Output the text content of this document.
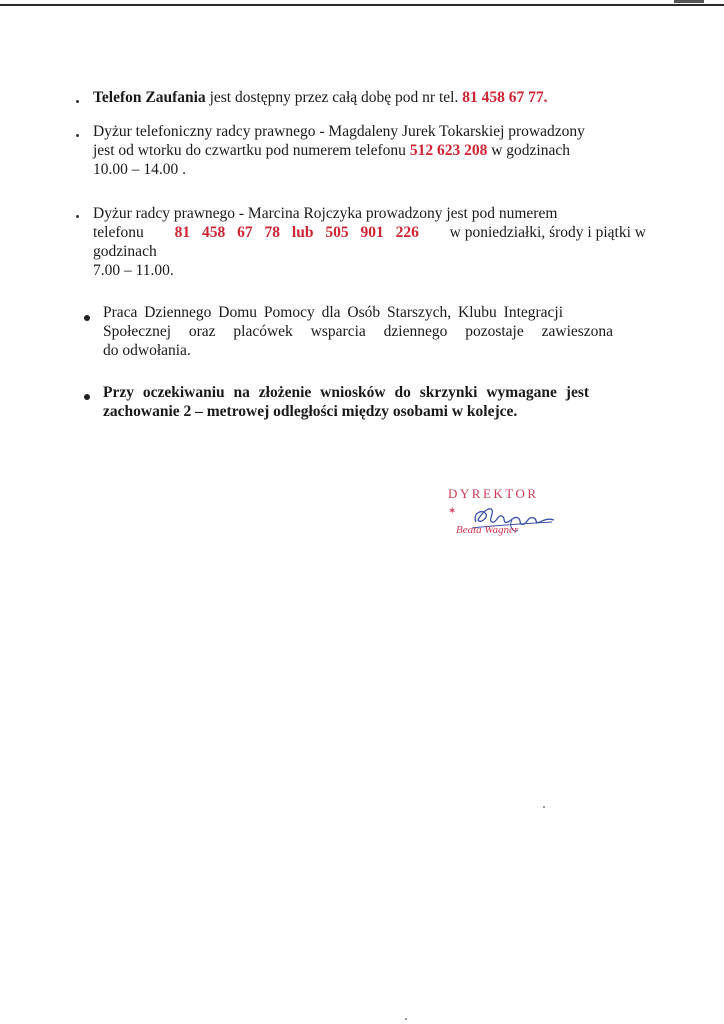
Telefon Zaufania jest dostępny przez całą dobę pod nr tel. 81 458 67 77.
Dyżur telefoniczny radcy prawnego - Magdaleny Jurek Tokarskiej prowadzony
jest od wtorku do czwartku pod numerem telefonu 512 623 208 w godzinach
10.00 – 14.00 .
Dyżur radcy prawnego - Marcina Rojczyka prowadzony jest pod numerem
telefonu 81 458 67 78 lub 505 901 226 w poniedziałki, środy i piątki w
godzinach
7.00 – 11.00.
Praca Dziennego Domu Pomocy dla Osób Starszych, Klubu Integracji
Społecznej oraz placówek wsparcia dziennego pozostaje zawieszona
do odwołania.
Przy oczekiwaniu na złożenie wniosków do skrzynki wymagane jest
zachowanie 2 – metrowej odległości między osobami w kolejce.
DYREKTOR
✶
Beata Wagner
